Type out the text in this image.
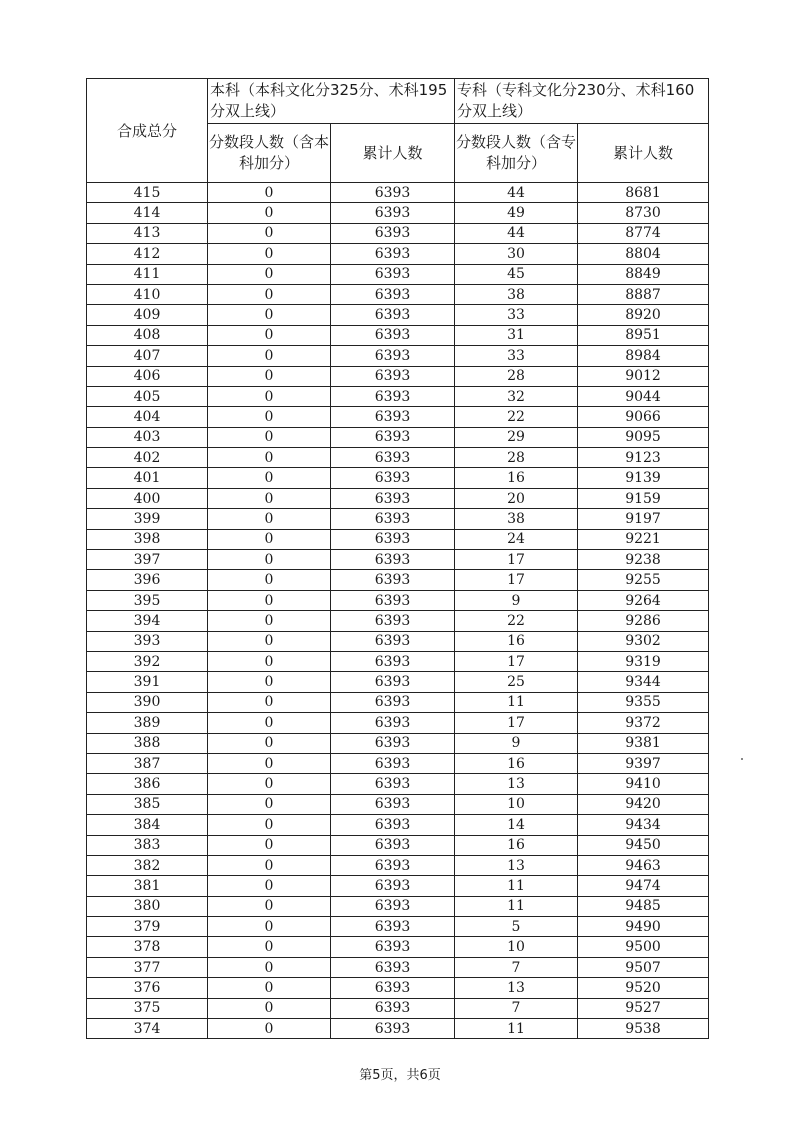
合成总分	本科（本科文化分325分、术科195分双上线）		专科（专科文化分230分、术科160分双上线）	
	分数段人数（含本科加分）	累计人数	分数段人数（含专科加分）	累计人数
415	0	6393	44	8681
414	0	6393	49	8730
413	0	6393	44	8774
412	0	6393	30	8804
411	0	6393	45	8849
410	0	6393	38	8887
409	0	6393	33	8920
408	0	6393	31	8951
407	0	6393	33	8984
406	0	6393	28	9012
405	0	6393	32	9044
404	0	6393	22	9066
403	0	6393	29	9095
402	0	6393	28	9123
401	0	6393	16	9139
400	0	6393	20	9159
399	0	6393	38	9197
398	0	6393	24	9221
397	0	6393	17	9238
396	0	6393	17	9255
395	0	6393	9	9264
394	0	6393	22	9286
393	0	6393	16	9302
392	0	6393	17	9319
391	0	6393	25	9344
390	0	6393	11	9355
389	0	6393	17	9372
388	0	6393	9	9381
387	0	6393	16	9397
386	0	6393	13	9410
385	0	6393	10	9420
384	0	6393	14	9434
383	0	6393	16	9450
382	0	6393	13	9463
381	0	6393	11	9474
380	0	6393	11	9485
379	0	6393	5	9490
378	0	6393	10	9500
377	0	6393	7	9507
376	0	6393	13	9520
375	0	6393	7	9527
374	0	6393	11	9538
第5页，共6页
